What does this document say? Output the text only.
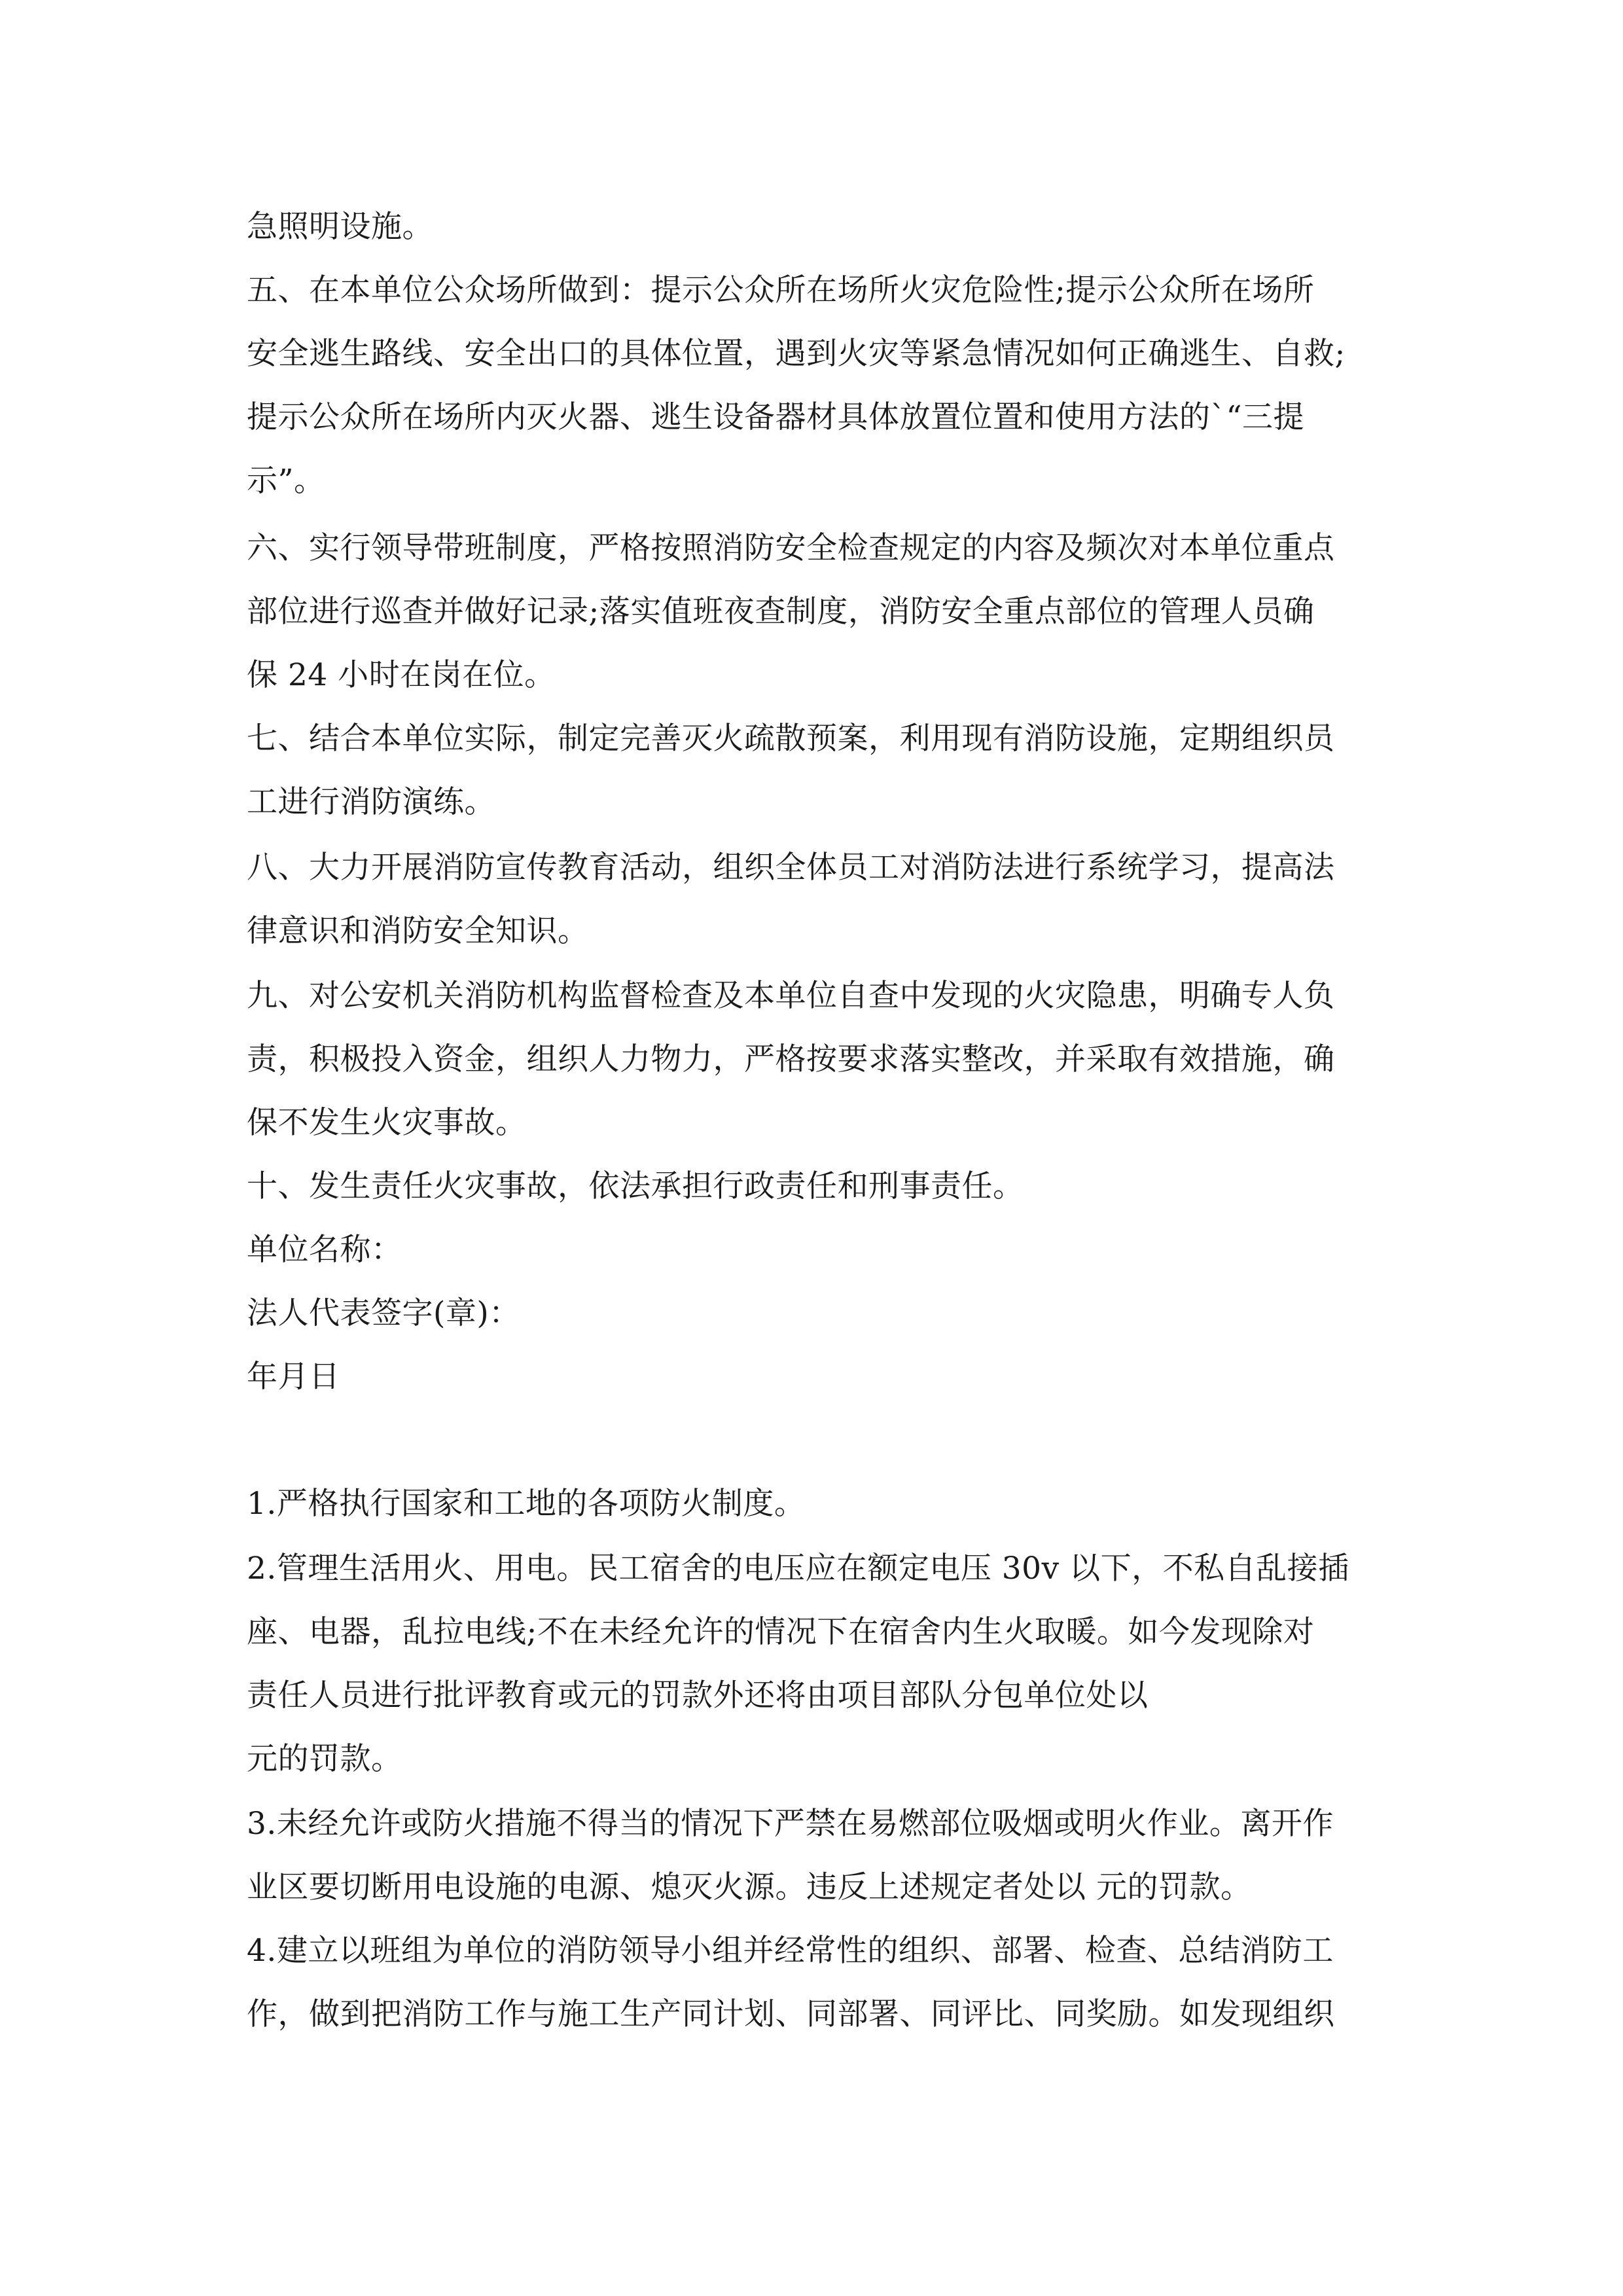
急照明设施。

五、在本单位公众场所做到：提示公众所在场所火灾危险性;提示公众所在场所

安全逃生路线、安全出口的具体位置，遇到火灾等紧急情况如何正确逃生、自救;

提示公众所在场所内灭火器、逃生设备器材具体放置位置和使用方法的`“三提

示”。

六、实行领导带班制度，严格按照消防安全检查规定的内容及频次对本单位重点

部位进行巡查并做好记录;落实值班夜查制度，消防安全重点部位的管理人员确

保 24 小时在岗在位。

七、结合本单位实际，制定完善灭火疏散预案，利用现有消防设施，定期组织员

工进行消防演练。

八、大力开展消防宣传教育活动，组织全体员工对消防法进行系统学习，提高法

律意识和消防安全知识。

九、对公安机关消防机构监督检查及本单位自查中发现的火灾隐患，明确专人负

责，积极投入资金，组织人力物力，严格按要求落实整改，并采取有效措施，确

保不发生火灾事故。

十、发生责任火灾事故，依法承担行政责任和刑事责任。

单位名称：

法人代表签字(章)：

年月日

1.严格执行国家和工地的各项防火制度。

2.管理生活用火、用电。民工宿舍的电压应在额定电压 30v 以下，不私自乱接插

座、电器，乱拉电线;不在未经允许的情况下在宿舍内生火取暖。如今发现除对

责任人员进行批评教育或元的罚款外还将由项目部队分包单位处以

元的罚款。

3.未经允许或防火措施不得当的情况下严禁在易燃部位吸烟或明火作业。离开作

业区要切断用电设施的电源、熄灭火源。违反上述规定者处以 元的罚款。

4.建立以班组为单位的消防领导小组并经常性的组织、部署、检查、总结消防工

作，做到把消防工作与施工生产同计划、同部署、同评比、同奖励。如发现组织
